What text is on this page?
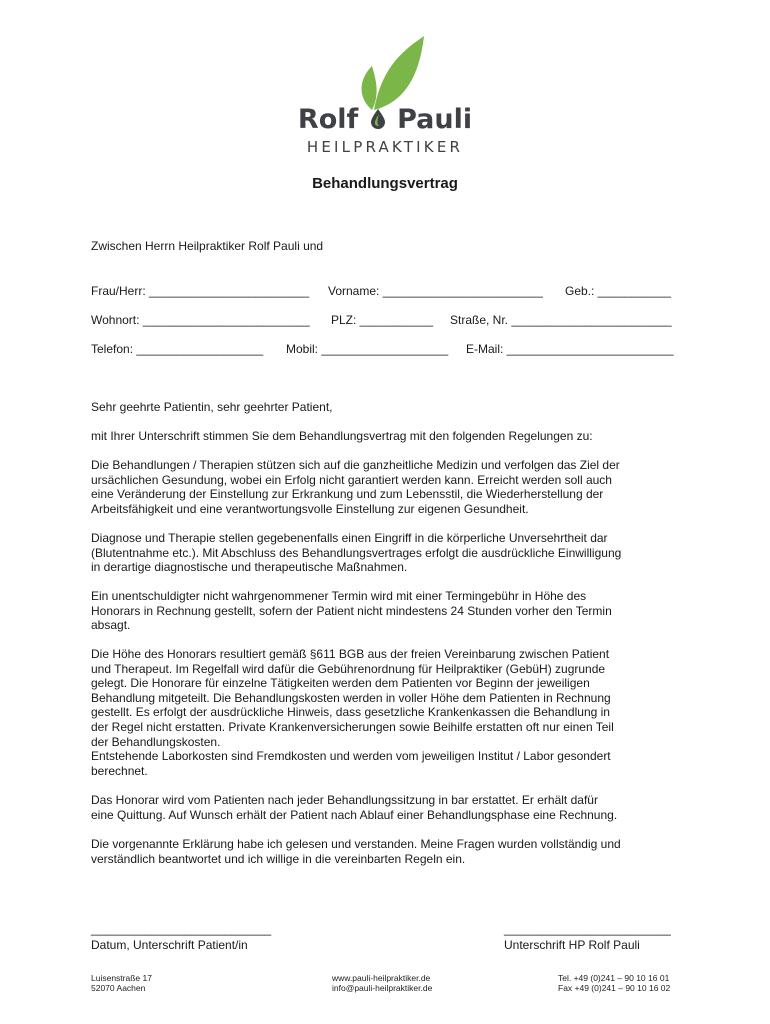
Rolf Pauli
HEILPRAKTIKER
Behandlungsvertrag
Zwischen Herrn Heilpraktiker Rolf Pauli und
Frau/Herr: ________________________ Vorname: ________________________ Geb.: ___________
Wohnort: _________________________ PLZ: ___________ Straße, Nr. ________________________
Telefon: ___________________ Mobil: ___________________ E-Mail: _________________________
Sehr geehrte Patientin, sehr geehrter Patient,
mit Ihrer Unterschrift stimmen Sie dem Behandlungsvertrag mit den folgenden Regelungen zu:
Die Behandlungen / Therapien stützen sich auf die ganzheitliche Medizin und verfolgen das Ziel der
ursächlichen Gesundung, wobei ein Erfolg nicht garantiert werden kann. Erreicht werden soll auch
eine Veränderung der Einstellung zur Erkrankung und zum Lebensstil, die Wiederherstellung der
Arbeitsfähigkeit und eine verantwortungsvolle Einstellung zur eigenen Gesundheit.
Diagnose und Therapie stellen gegebenenfalls einen Eingriff in die körperliche Unversehrtheit dar
(Blutentnahme etc.). Mit Abschluss des Behandlungsvertrages erfolgt die ausdrückliche Einwilligung
in derartige diagnostische und therapeutische Maßnahmen.
Ein unentschuldigter nicht wahrgenommener Termin wird mit einer Termingebühr in Höhe des
Honorars in Rechnung gestellt, sofern der Patient nicht mindestens 24 Stunden vorher den Termin
absagt.
Die Höhe des Honorars resultiert gemäß §611 BGB aus der freien Vereinbarung zwischen Patient
und Therapeut. Im Regelfall wird dafür die Gebührenordnung für Heilpraktiker (GebüH) zugrunde
gelegt. Die Honorare für einzelne Tätigkeiten werden dem Patienten vor Beginn der jeweiligen
Behandlung mitgeteilt. Die Behandlungskosten werden in voller Höhe dem Patienten in Rechnung
gestellt. Es erfolgt der ausdrückliche Hinweis, dass gesetzliche Krankenkassen die Behandlung in
der Regel nicht erstatten. Private Krankenversicherungen sowie Beihilfe erstatten oft nur einen Teil
der Behandlungskosten.
Entstehende Laborkosten sind Fremdkosten und werden vom jeweiligen Institut / Labor gesondert
berechnet.
Das Honorar wird vom Patienten nach jeder Behandlungssitzung in bar erstattet. Er erhält dafür
eine Quittung. Auf Wunsch erhält der Patient nach Ablauf einer Behandlungsphase eine Rechnung.
Die vorgenannte Erklärung habe ich gelesen und verstanden. Meine Fragen wurden vollständig und
verständlich beantwortet und ich willige in die vereinbarten Regeln ein.
___________________________
Datum, Unterschrift Patient/in
_________________________
Unterschrift HP Rolf Pauli
Luisenstraße 17
52070 Aachen
www.pauli-heilpraktiker.de
info@pauli-heilpraktiker.de
Tel. +49 (0)241 – 90 10 16 01
Fax +49 (0)241 – 90 10 16 02
